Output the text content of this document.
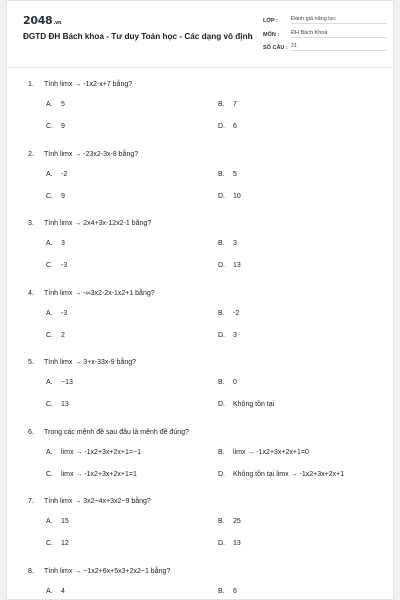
2048.vn
ĐGTD ĐH Bách khoa - Tư duy Toán học - Các dạng vô định
LỚP :	Đánh giá năng lực
MÔN :	ĐH Bách Khoa
SỐ CÂU : 21
1. Tính limx → -1x2-x+7 bằng?
A. 5	B. 7
C. 9	D. 6
2. Tính limx → -23x2-3x-8 bằng?
A. -2	B. 5
C. 9	D. 10
3. Tính limx → 2x4+3x-12x2-1 bằng?
A. 3	B. 3
C. -3	D. 13
4. Tính limx → -∞3x2-2x-1x2+1 bằng?
A. -3	B. -2
C. 2	D. 3
5. Tính limx → 3+x-33x-9 bằng?
A. −13	B. 0
C. 13	D. Không tồn tại
6. Trong các mệnh đề sau đâu là mệnh đề đúng?
A. limx → -1x2+3x+2x+1=−1	B. limx → -1x2+3x+2x+1=0
C. limx → -1x2+3x+2x+1=1	D. Không tồn tại limx → -1x2+3x+2x+1
7. Tính limx → 3x2−4x+3x2−9 bằng?
A. 15	B. 25
C. 12	D. 13
8. Tính limx → −1x2+6x+5x3+2x2−1 bằng?
A. 4	B. 6
